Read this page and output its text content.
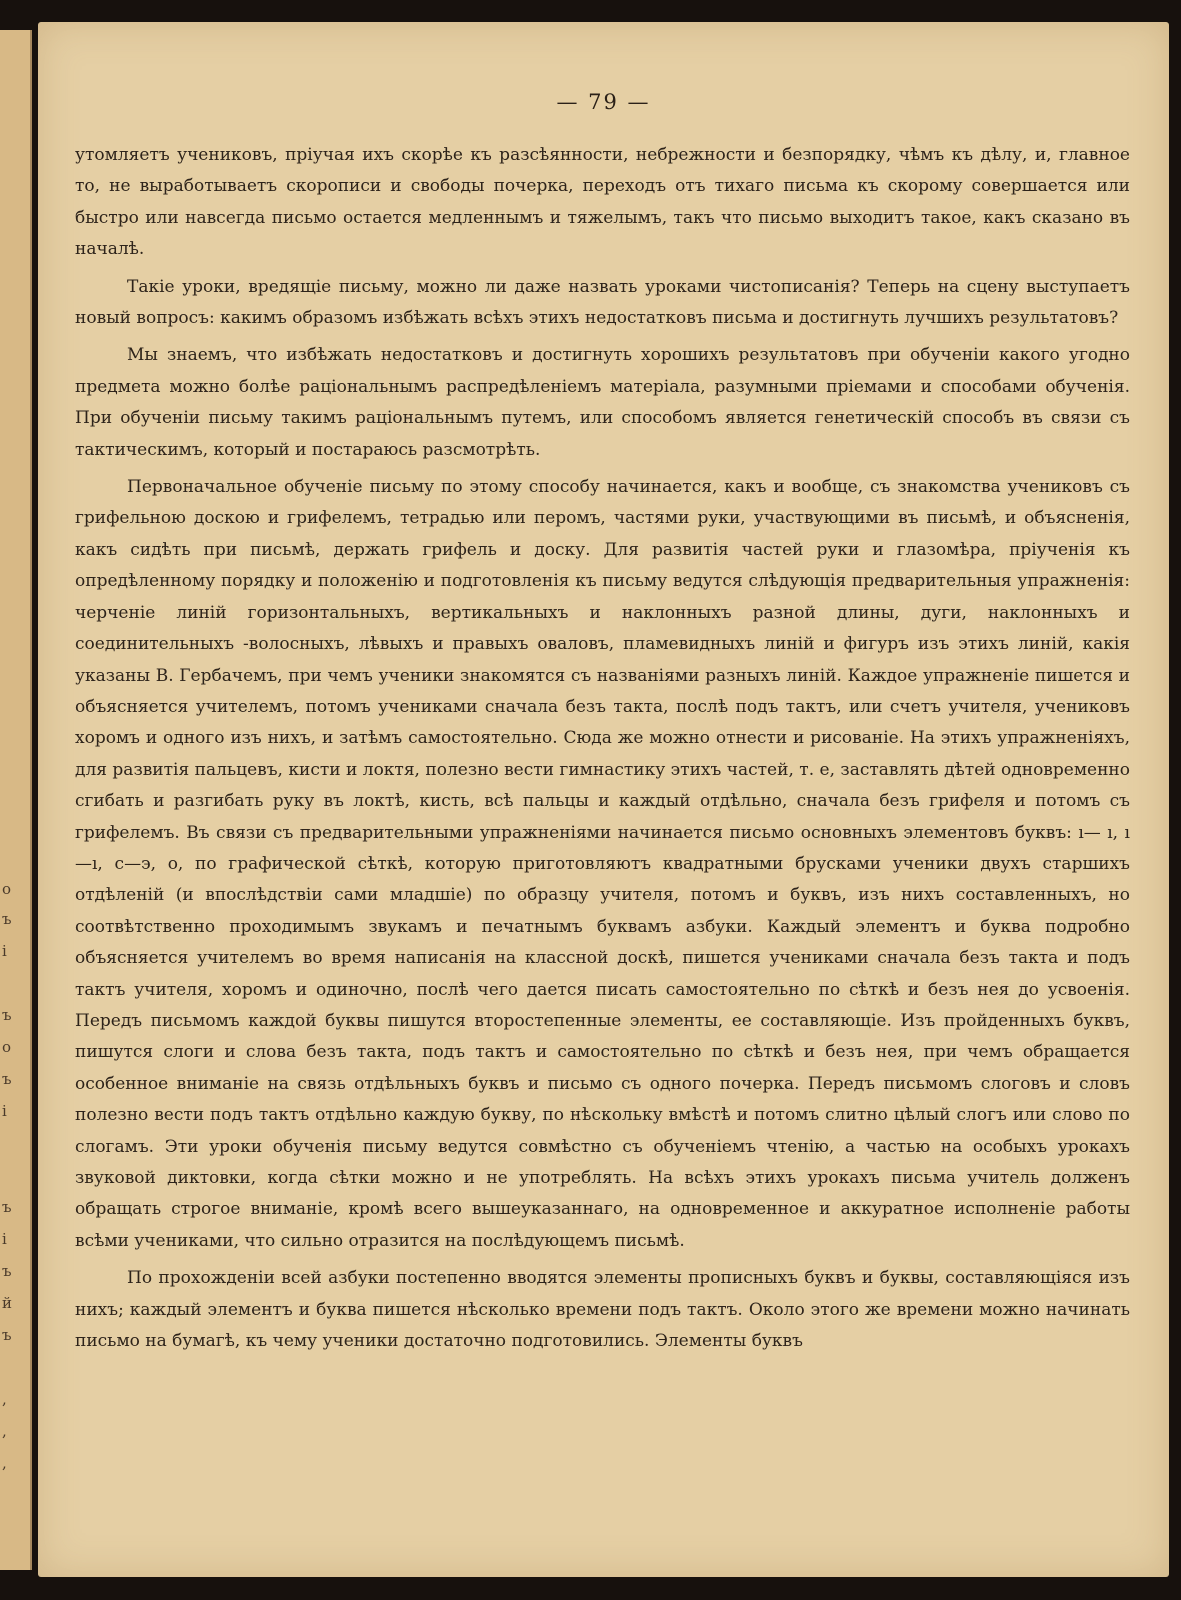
о
ъ
і
ъ
о
ъ
і
ъ
і
ъ
й
ъ
,
,
,
— 79 —

утомляетъ учениковъ, пріучая ихъ скорѣе къ разсѣянности, небрежности и безпорядку, чѣмъ къ дѣлу, и, главное то, не выработываетъ скорописи и свободы почерка, переходъ отъ тихаго письма къ скорому совершается или быстро или навсегда письмо остается медленнымъ и тяжелымъ, такъ что письмо выходитъ такое, какъ сказано въ началѣ.

Такіе уроки, вредящіе письму, можно ли даже назвать уроками чистописанія? Теперь на сцену выступаетъ новый вопросъ: какимъ образомъ избѣжать всѣхъ этихъ недостатковъ письма и достигнуть лучшихъ результатовъ?

Мы знаемъ, что избѣжать недостатковъ и достигнуть хорошихъ результатовъ при обученіи какого угодно предмета можно болѣе раціональнымъ распредѣленіемъ матеріала, разумными пріемами и способами обученія. При обученіи письму такимъ раціональнымъ путемъ, или способомъ является генетическій способъ въ связи съ тактическимъ, который и постараюсь разсмотрѣть.

Первоначальное обученіе письму по этому способу начинается, какъ и вообще, съ знакомства учениковъ съ грифельною доскою и грифелемъ, тетрадью или перомъ, частями руки, участвующими въ письмѣ, и объясненія, какъ сидѣть при письмѣ, держать грифель и доску. Для развитія частей руки и глазомѣра, пріученія къ опредѣленному порядку и положенію и подготовленія къ письму ведутся слѣдующія предварительныя упражненія: черченіе линій горизонтальныхъ, вертикальныхъ и наклонныхъ разной длины, дуги, наклонныхъ и соединительныхъ -волосныхъ, лѣвыхъ и правыхъ оваловъ, пламевидныхъ линій и фигуръ изъ этихъ линій, какія указаны В. Гербачемъ, при чемъ ученики знакомятся съ названіями разныхъ линій. Каждое упражненіе пишется и объясняется учителемъ, потомъ учениками сначала безъ такта, послѣ подъ тактъ, или счетъ учителя, учениковъ хоромъ и одного изъ нихъ, и затѣмъ самостоятельно. Сюда же можно отнести и рисованіе. На этихъ упражненіяхъ, для развитія пальцевъ, кисти и локтя, полезно вести гимнастику этихъ частей, т. е, заставлять дѣтей одновременно сгибать и разгибать руку въ локтѣ, кисть, всѣ пальцы и каждый отдѣльно, сначала безъ грифеля и потомъ съ грифелемъ. Въ связи съ предварительными упражненіями начинается письмо основныхъ элементовъ буквъ: ı— ı, ı —ı, с—э, о, по графической сѣткѣ, которую приготовляютъ квадратными брусками ученики двухъ старшихъ отдѣленій (и впослѣдствіи сами младшіе) по образцу учителя, потомъ и буквъ, изъ нихъ составленныхъ, но соотвѣтственно проходимымъ звукамъ и печатнымъ буквамъ азбуки. Каждый элементъ и буква подробно объясняется учителемъ во время написанія на классной доскѣ, пишется учениками сначала безъ такта и подъ тактъ учителя, хоромъ и одиночно, послѣ чего дается писать самостоятельно по сѣткѣ и безъ нея до усвоенія. Передъ письмомъ каждой буквы пишутся второстепенные элементы, ее составляющіе. Изъ пройденныхъ буквъ, пишутся слоги и слова безъ такта, подъ тактъ и самостоятельно по сѣткѣ и безъ нея, при чемъ обращается особенное вниманіе на связь отдѣльныхъ буквъ и письмо съ одного почерка. Передъ письмомъ слоговъ и словъ полезно вести подъ тактъ отдѣльно каждую букву, по нѣскольку вмѣстѣ и потомъ слитно цѣлый слогъ или слово по слогамъ. Эти уроки обученія письму ведутся совмѣстно съ обученіемъ чтенію, а частью на особыхъ урокахъ звуковой диктовки, когда сѣтки можно и не употреблять. На всѣхъ этихъ урокахъ письма учитель долженъ обращать строгое вниманіе, кромѣ всего вышеуказаннаго, на одновременное и аккуратное исполненіе работы всѣми учениками, что сильно отразится на послѣдующемъ письмѣ.

По прохожденіи всей азбуки постепенно вводятся элементы прописныхъ буквъ и буквы, составляющіяся изъ нихъ; каждый элементъ и буква пишется нѣсколько времени подъ тактъ. Около этого же времени можно начинать письмо на бумагѣ, къ чему ученики достаточно подготовились. Элементы буквъ
